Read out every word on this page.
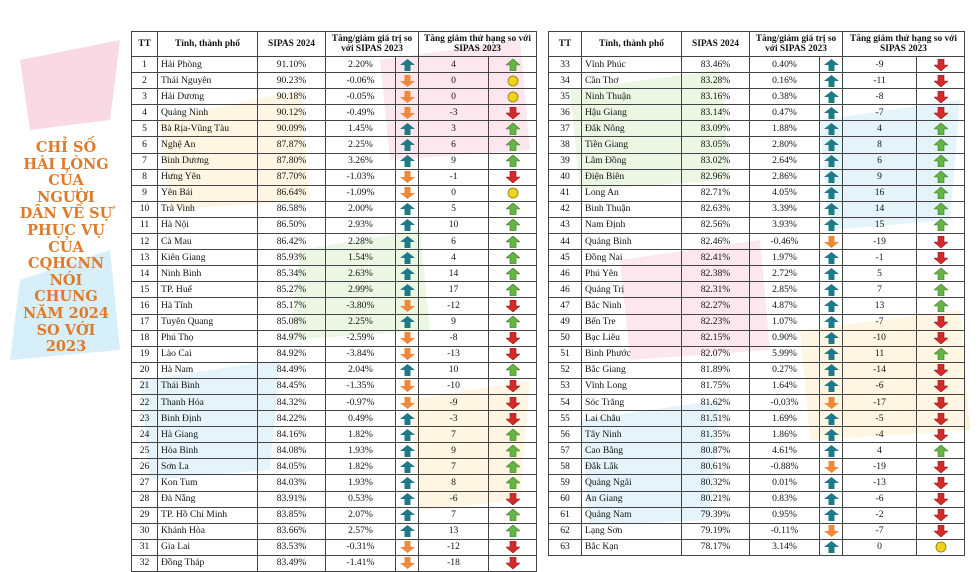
CHỈ SỐ
HÀI LÒNG
CỦA
NGƯỜI
DÂN VỀ SỰ
PHỤC VỤ
CỦA
CQHCNN
NÓI
CHUNG
NĂM 2024
SO VỚI
2023
TT	Tỉnh, thành phố	SIPAS 2024	Tăng/giảm giá trị so với SIPAS 2023		Tăng giảm thứ hạng so với SIPAS 2023	
1	Hải Phòng	91.10%	2.20%		4	

2	Thái Nguyên	90.23%	-0.06%		0	

3	Hải Dương	90.18%	-0.05%		0	

4	Quảng Ninh	90.12%	-0.49%		-3	

5	Bà Rịa-Vũng Tàu	90.09%	1.45%		3	

6	Nghệ An	87.87%	2.25%		6	

7	Bình Dương	87.80%	3.26%		9	

8	Hưng Yên	87.70%	-1.03%		-1	

9	Yên Bái	86.64%	-1.09%		0	

10	Trà Vinh	86.58%	2.00%		5	

11	Hà Nội	86.50%	2.93%		10	

12	Cà Mau	86.42%	2.28%		6	

13	Kiên Giang	85.93%	1.54%		4	

14	Ninh Bình	85.34%	2.63%		14	

15	TP. Huế	85.27%	2.99%		17	

16	Hà Tĩnh	85.17%	-3.80%		-12	

17	Tuyên Quang	85.08%	2.25%		9	

18	Phú Thọ	84.97%	-2.59%		-8	

19	Lào Cai	84.92%	-3.84%		-13	

20	Hà Nam	84.49%	2.04%		10	

21	Thái Bình	84.45%	-1.35%		-10	

22	Thanh Hóa	84.32%	-0.97%		-9	

23	Bình Định	84.22%	0.49%		-3	

24	Hà Giang	84.16%	1.82%		7	

25	Hòa Bình	84.08%	1.93%		9	

26	Sơn La	84.05%	1.82%		7	

27	Kon Tum	84.03%	1.93%		8	

28	Đà Nẵng	83.91%	0.53%		-6	

29	TP. Hồ Chí Minh	83.85%	2.07%		7	

30	Khánh Hòa	83.66%	2.57%		13	

31	Gia Lai	83.53%	-0.31%		-12	

32	Đồng Tháp	83.49%	-1.41%		-18	
TT	Tỉnh, thành phố	SIPAS 2024	Tăng/giảm giá trị so với SIPAS 2023		Tăng giảm thứ hạng so với SIPAS 2023	
33	Vĩnh Phúc	83.46%	0.40%		-9	

34	Cần Thơ	83.28%	0.16%		-11	

35	Ninh Thuận	83.16%	0.38%		-8	

36	Hậu Giang	83.14%	0.47%		-7	

37	Đắk Nông	83.09%	1.88%		4	

38	Tiền Giang	83.05%	2.80%		8	

39	Lâm Đồng	83.02%	2.64%		6	

40	Điện Biên	82.96%	2.86%		9	

41	Long An	82.71%	4.05%		16	

42	Bình Thuận	82.63%	3.39%		14	

43	Nam Định	82.56%	3.93%		15	

44	Quảng Bình	82.46%	-0.46%		-19	

45	Đồng Nai	82.41%	1.97%		-1	

46	Phú Yên	82.38%	2.72%		5	

46	Quảng Trị	82.31%	2.85%		7	

47	Bắc Ninh	82.27%	4.87%		13	

49	Bến Tre	82.23%	1.07%		-7	

50	Bạc Liêu	82.15%	0.90%		-10	

51	Bình Phước	82.07%	5.99%		11	

52	Bắc Giang	81.89%	0.27%		-14	

53	Vĩnh Long	81.75%	1.64%		-6	

54	Sóc Trăng	81.62%	-0.03%		-17	

55	Lai Châu	81.51%	1.69%		-5	

56	Tây Ninh	81.35%	1.86%		-4	

57	Cao Bằng	80.87%	4.61%		4	

58	Đắk Lắk	80.61%	-0.88%		-19	

59	Quảng Ngãi	80.32%	0.01%		-13	

60	An Giang	80.21%	0.83%		-6	

61	Quảng Nam	79.39%	0.95%		-2	

62	Lạng Sơn	79.19%	-0.11%		-7	

63	Bắc Kạn	78.17%	3.14%		0	
